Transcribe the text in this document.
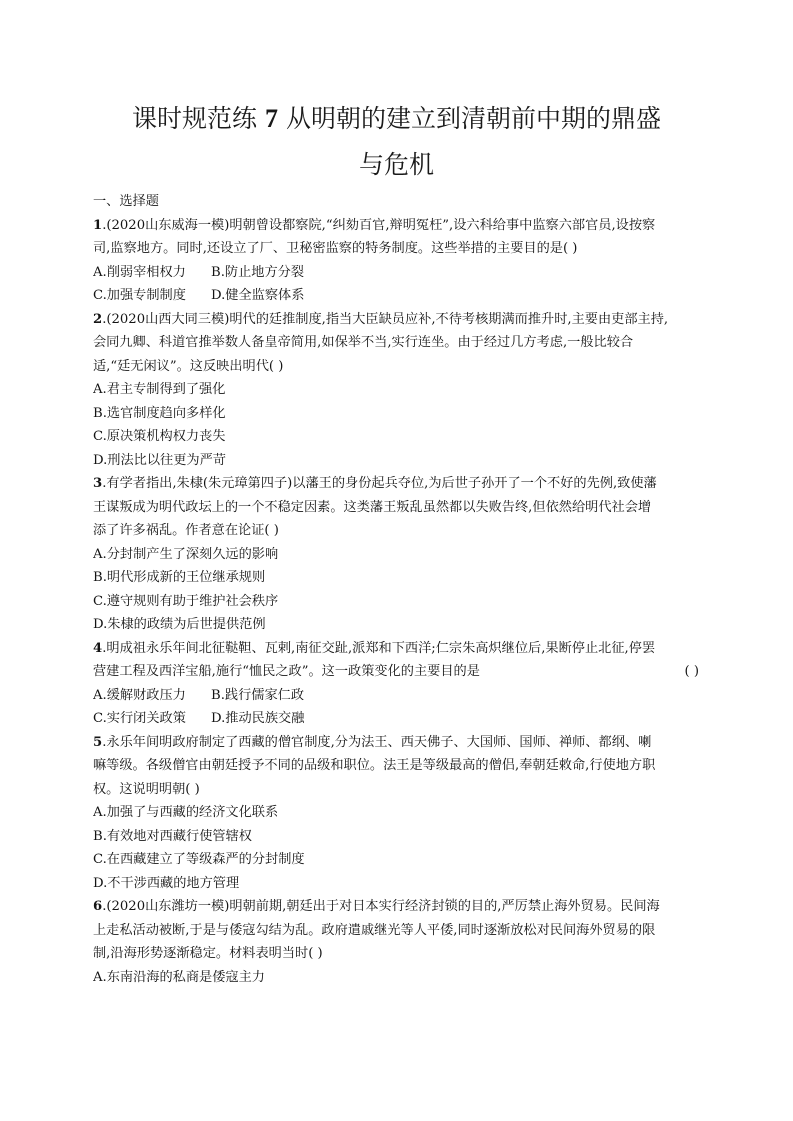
课时规范练 7 从明朝的建立到清朝前中期的鼎盛
与危机

一、选择题

1.(2020山东威海一模)明朝曾设都察院,“纠劾百官,辩明冤枉”,设六科给事中监察六部官员,设按察

司,监察地方。同时,还设立了厂、卫秘密监察的特务制度。这些举措的主要目的是( )

A.削弱宰相权力 B.防止地方分裂

C.加强专制制度 D.健全监察体系

2.(2020山西大同三模)明代的廷推制度,指当大臣缺员应补,不待考核期满而推升时,主要由吏部主持,

会同九卿、科道官推举数人备皇帝简用,如保举不当,实行连坐。由于经过几方考虑,一般比较合

适,“廷无闲议”。这反映出明代( )

A.君主专制得到了强化

B.选官制度趋向多样化

C.原决策机构权力丧失

D.刑法比以往更为严苛

3.有学者指出,朱棣(朱元璋第四子)以藩王的身份起兵夺位,为后世子孙开了一个不好的先例,致使藩

王谋叛成为明代政坛上的一个不稳定因素。这类藩王叛乱虽然都以失败告终,但依然给明代社会增

添了许多祸乱。作者意在论证( )

A.分封制产生了深刻久远的影响

B.明代形成新的王位继承规则

C.遵守规则有助于维护社会秩序

D.朱棣的政绩为后世提供范例

4.明成祖永乐年间北征鞑靼、瓦剌,南征交趾,派郑和下西洋;仁宗朱高炽继位后,果断停止北征,停罢

营建工程及西洋宝船,施行“恤民之政”。这一政策变化的主要目的是	( )

A.缓解财政压力 B.践行儒家仁政

C.实行闭关政策 D.推动民族交融

5.永乐年间明政府制定了西藏的僧官制度,分为法王、西天佛子、大国师、国师、禅师、都纲、喇

嘛等级。各级僧官由朝廷授予不同的品级和职位。法王是等级最高的僧侣,奉朝廷敕命,行使地方职

权。这说明明朝( )

A.加强了与西藏的经济文化联系

B.有效地对西藏行使管辖权

C.在西藏建立了等级森严的分封制度

D.不干涉西藏的地方管理

6.(2020山东潍坊一模)明朝前期,朝廷出于对日本实行经济封锁的目的,严厉禁止海外贸易。民间海

上走私活动被断,于是与倭寇勾结为乱。政府遣戚继光等人平倭,同时逐渐放松对民间海外贸易的限

制,沿海形势逐渐稳定。材料表明当时( )

A.东南沿海的私商是倭寇主力
